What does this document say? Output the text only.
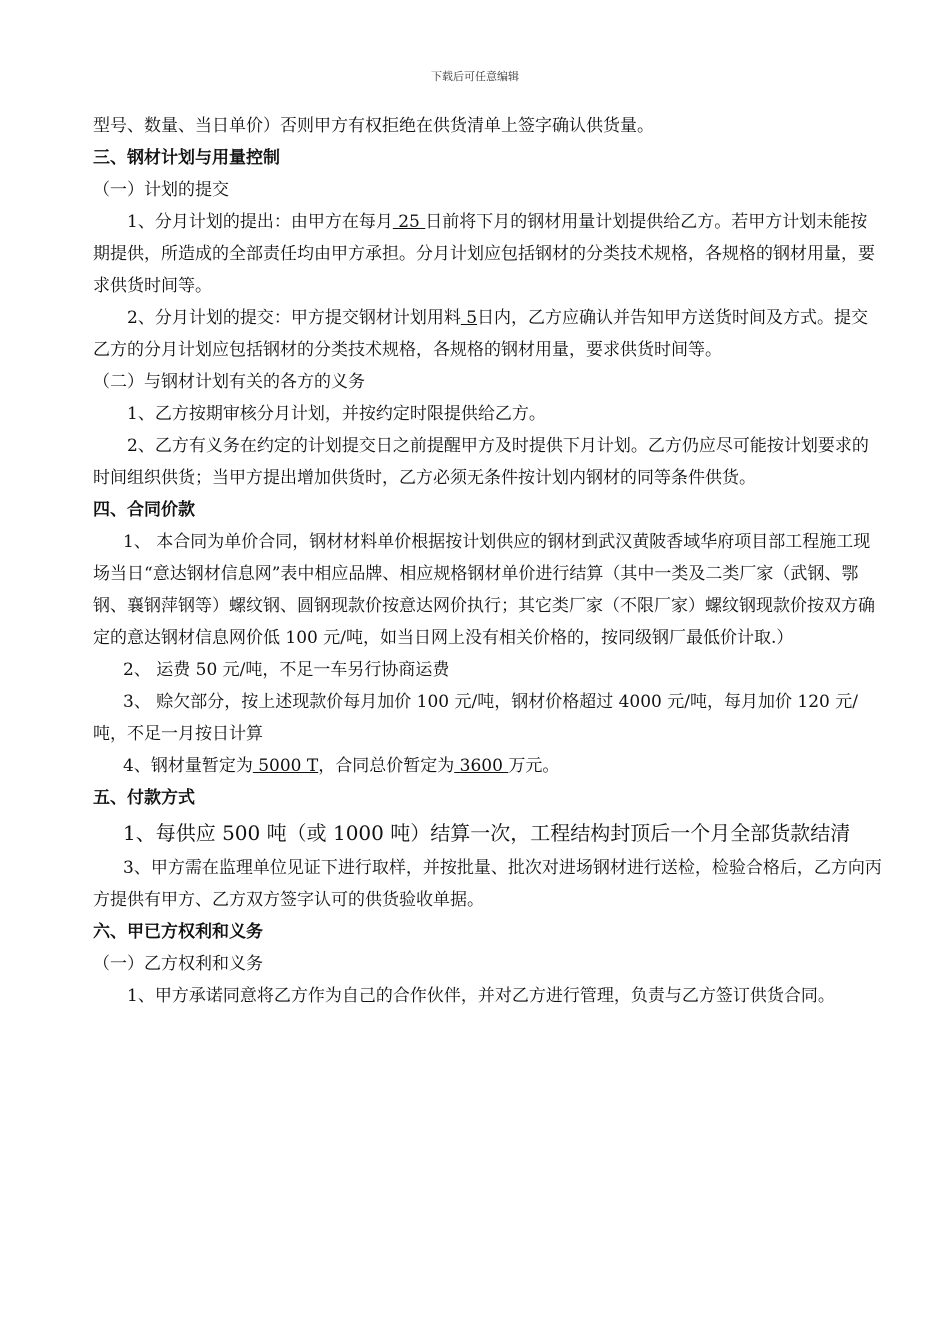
下载后可任意编辑

型号、数量、当日单价）否则甲方有权拒绝在供货清单上签字确认供货量。

三、钢材计划与用量控制

（一）计划的提交

1、分月计划的提出：由甲方在每月 25 日前将下月的钢材用量计划提供给乙方。若甲方计划未能按期提供，所造成的全部责任均由甲方承担。分月计划应包括钢材的分类技术规格，各规格的钢材用量，要求供货时间等。

2、分月计划的提交：甲方提交钢材计划用料 5日内，乙方应确认并告知甲方送货时间及方式。提交乙方的分月计划应包括钢材的分类技术规格，各规格的钢材用量，要求供货时间等。

（二）与钢材计划有关的各方的义务

1、乙方按期审核分月计划，并按约定时限提供给乙方。

2、乙方有义务在约定的计划提交日之前提醒甲方及时提供下月计划。乙方仍应尽可能按计划要求的时间组织供货；当甲方提出增加供货时，乙方必须无条件按计划内钢材的同等条件供货。

四、合同价款

1、 本合同为单价合同，钢材材料单价根据按计划供应的钢材到武汉黄陂香域华府项目部工程施工现场当日“意达钢材信息网”表中相应品牌、相应规格钢材单价进行结算（其中一类及二类厂家（武钢、鄂钢、襄钢萍钢等）螺纹钢、圆钢现款价按意达网价执行；其它类厂家（不限厂家）螺纹钢现款价按双方确定的意达钢材信息网价低 100 元/吨，如当日网上没有相关价格的，按同级钢厂最低价计取.）

2、 运费 50 元/吨，不足一车另行协商运费

3、 赊欠部分，按上述现款价每月加价 100 元/吨，钢材价格超过 4000 元/吨，每月加价 120 元/吨，不足一月按日计算

4、钢材量暂定为 5000 T，合同总价暂定为 3600 万元。

五、付款方式

1、每供应 500 吨（或 1000 吨）结算一次，工程结构封顶后一个月全部货款结清

3、甲方需在监理单位见证下进行取样，并按批量、批次对进场钢材进行送检，检验合格后，乙方向丙方提供有甲方、乙方双方签字认可的供货验收单据。

六、甲已方权利和义务

（一）乙方权利和义务

1、甲方承诺同意将乙方作为自己的合作伙伴，并对乙方进行管理，负责与乙方签订供货合同。
